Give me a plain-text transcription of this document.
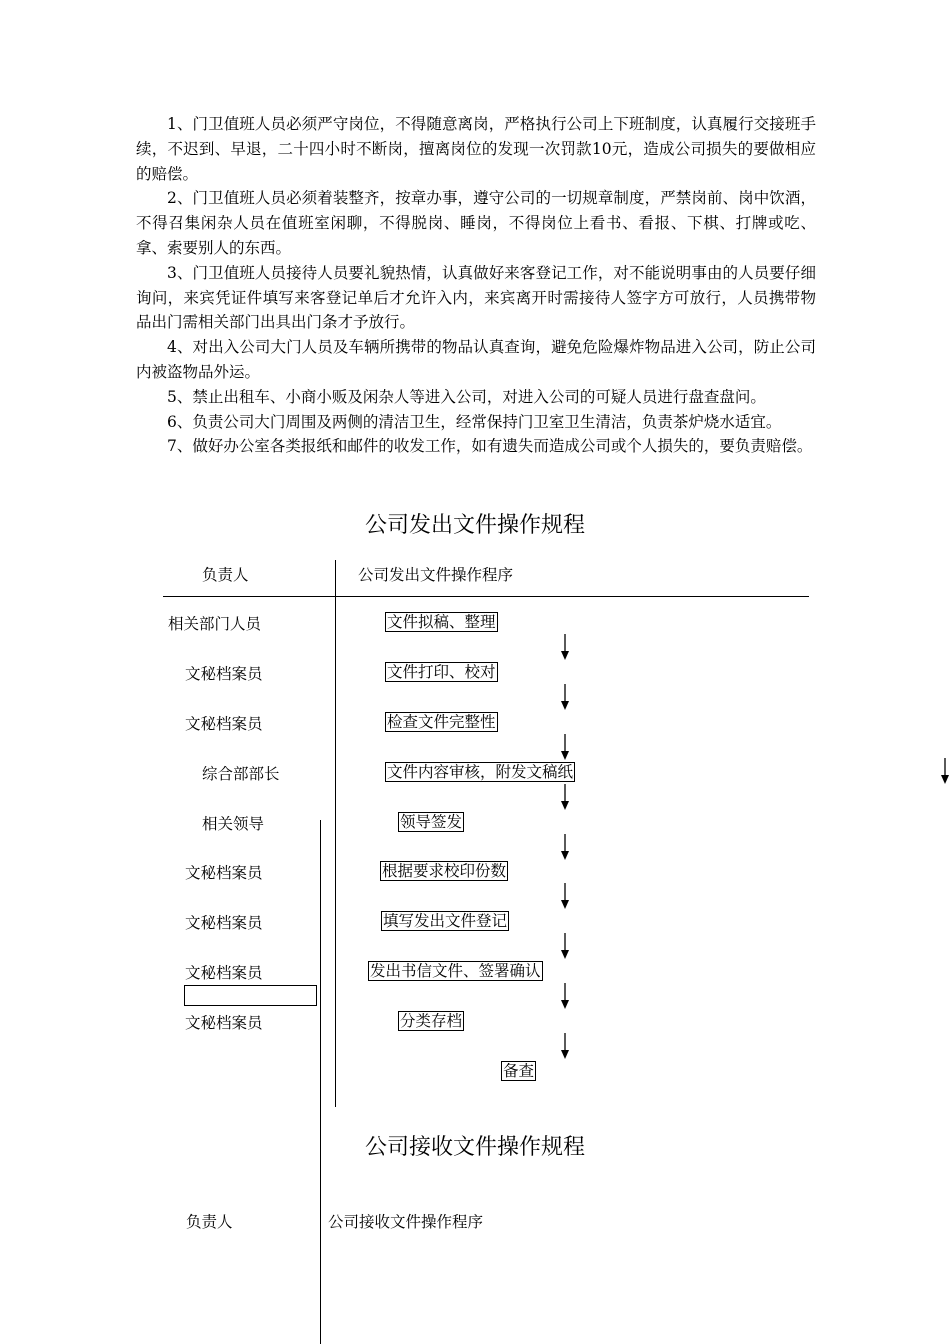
1、门卫值班人员必须严守岗位，不得随意离岗，严格执行公司上下班制度，认真履行交接班手续，不迟到、早退，二十四小时不断岗，擅离岗位的发现一次罚款10元，造成公司损失的要做相应的赔偿。

2、门卫值班人员必须着装整齐，按章办事，遵守公司的一切规章制度，严禁岗前、岗中饮酒，不得召集闲杂人员在值班室闲聊，不得脱岗、睡岗，不得岗位上看书、看报、下棋、打牌或吃、拿、索要别人的东西。

3、门卫值班人员接待人员要礼貌热情，认真做好来客登记工作，对不能说明事由的人员要仔细询问，来宾凭证件填写来客登记单后才允许入内，来宾离开时需接待人签字方可放行，人员携带物品出门需相关部门出具出门条才予放行。

4、对出入公司大门人员及车辆所携带的物品认真查询，避免危险爆炸物品进入公司，防止公司内被盗物品外运。

5、禁止出租车、小商小贩及闲杂人等进入公司，对进入公司的可疑人员进行盘查盘问。

6、负责公司大门周围及两侧的清洁卫生，经常保持门卫室卫生清洁，负责茶炉烧水适宜。

7、做好办公室各类报纸和邮件的收发工作，如有遗失而造成公司或个人损失的，要负责赔偿。

公司发出文件操作规程
负责人	公司发出文件操作程序
相关部门人员
文秘档案员
文秘档案员
综合部部长
相关领导
文秘档案员
文秘档案员
文秘档案员
文秘档案员
文件拟稿、整理
文件打印、校对
检查文件完整性
文件内容审核，附发文稿纸
领导签发
根据要求校印份数
填写发出文件登记
发出书信文件、签署确认
分类存档
备查
公司接收文件操作规程
负责人	公司接收文件操作程序
